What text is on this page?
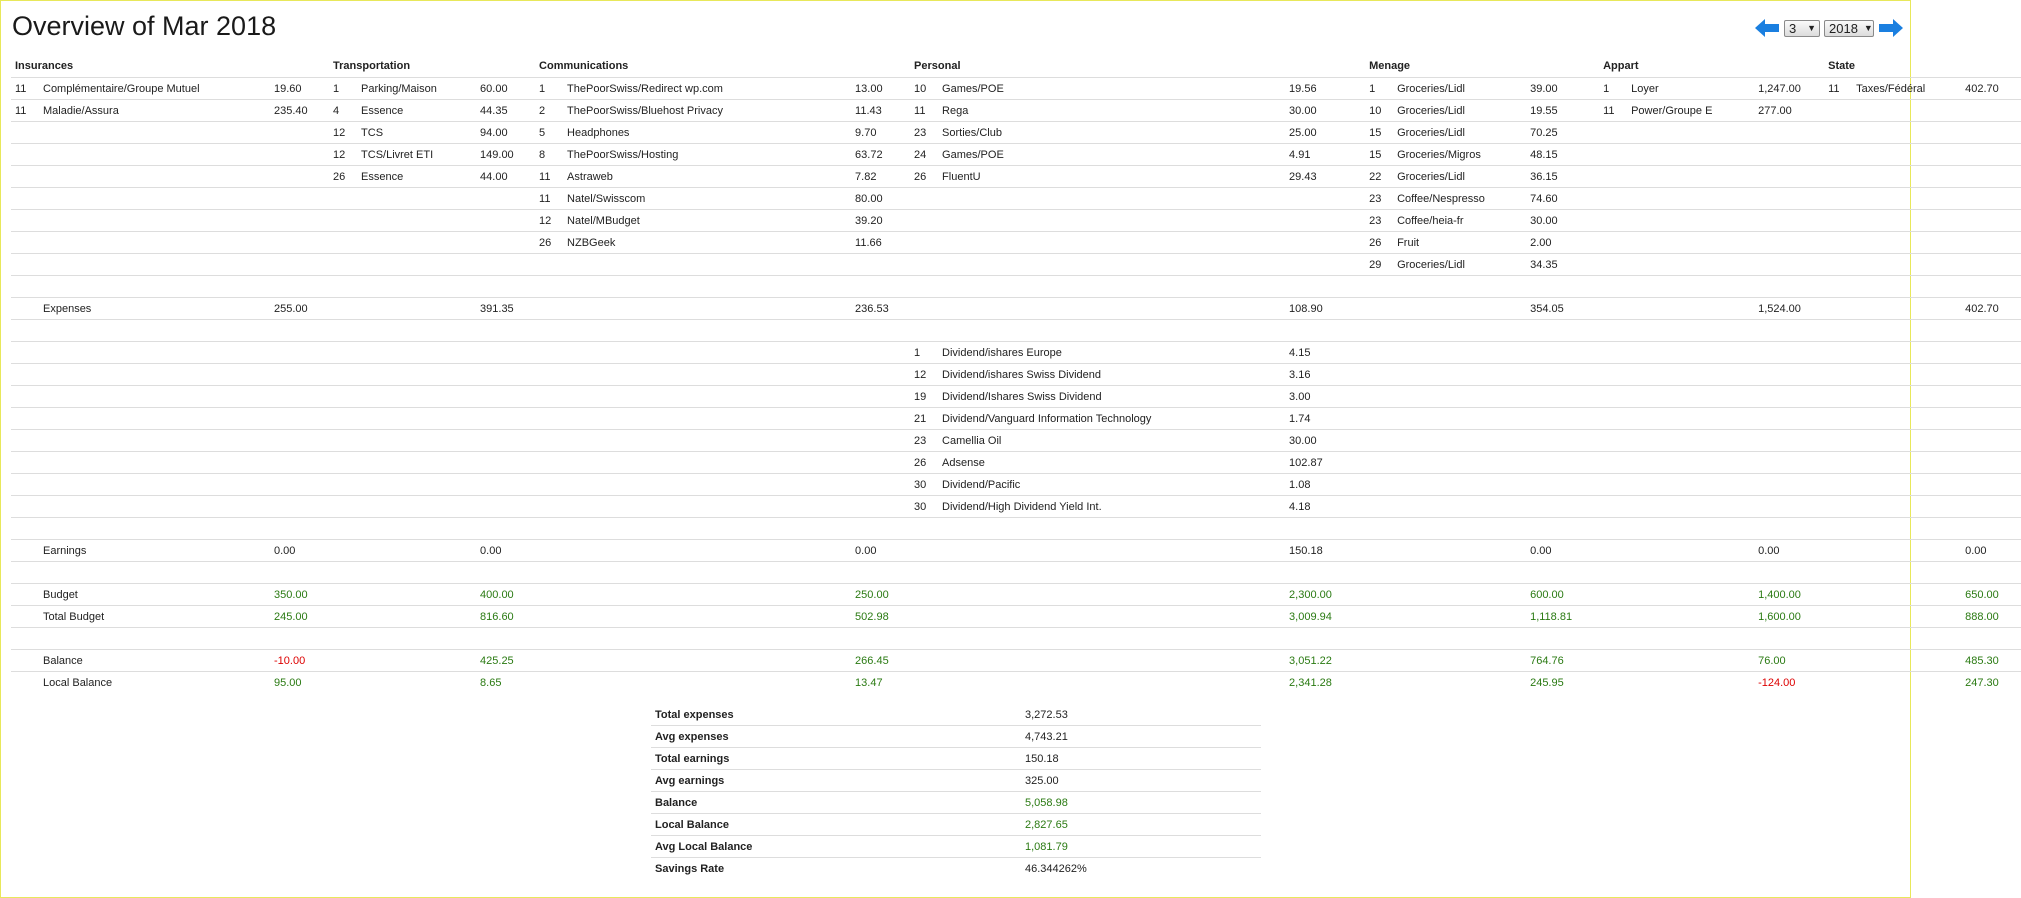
Overview of Mar 2018	3 ▼ 2018 ▼
Insurances			Transportation			Communications			Personal			Menage			Appart			State		
11	Complémentaire/Groupe Mutuel	19.60	1	Parking/Maison	60.00	1	ThePoorSwiss/Redirect wp.com	13.00	10	Games/POE	19.56	1	Groceries/Lidl	39.00	1	Loyer	1,247.00	11	Taxes/Fédéral	402.70
11	Maladie/Assura	235.40	4	Essence	44.35	2	ThePoorSwiss/Bluehost Privacy	11.43	11	Rega	30.00	10	Groceries/Lidl	19.55	11	Power/Groupe E	277.00			
			12	TCS	94.00	5	Headphones	9.70	23	Sorties/Club	25.00	15	Groceries/Lidl	70.25						
			12	TCS/Livret ETI	149.00	8	ThePoorSwiss/Hosting	63.72	24	Games/POE	4.91	15	Groceries/Migros	48.15						
			26	Essence	44.00	11	Astraweb	7.82	26	FluentU	29.43	22	Groceries/Lidl	36.15						
						11	Natel/Swisscom	80.00				23	Coffee/Nespresso	74.60						
						12	Natel/MBudget	39.20				23	Coffee/heia-fr	30.00						
						26	NZBGeek	11.66				26	Fruit	2.00						
												29	Groceries/Lidl	34.35						

	Expenses	255.00			391.35			236.53			108.90			354.05			1,524.00			402.70

									1	Dividend/ishares Europe	4.15									
									12	Dividend/ishares Swiss Dividend	3.16									
									19	Dividend/Ishares Swiss Dividend	3.00									
									21	Dividend/Vanguard Information Technology	1.74									
									23	Camellia Oil	30.00									
									26	Adsense	102.87									
									30	Dividend/Pacific	1.08									
									30	Dividend/High Dividend Yield Int.	4.18									

	Earnings	0.00			0.00			0.00			150.18			0.00			0.00			0.00

	Budget	350.00			400.00			250.00			2,300.00			600.00			1,400.00			650.00
	Total Budget	245.00			816.60			502.98			3,009.94			1,118.81			1,600.00			888.00

	Balance	-10.00			425.25			266.45			3,051.22			764.76			76.00			485.30
	Local Balance	95.00			8.65			13.47			2,341.28			245.95			-124.00			247.30
Total expenses	3,272.53
Avg expenses	4,743.21
Total earnings	150.18
Avg earnings	325.00
Balance	5,058.98
Local Balance	2,827.65
Avg Local Balance	1,081.79
Savings Rate	46.344262%
